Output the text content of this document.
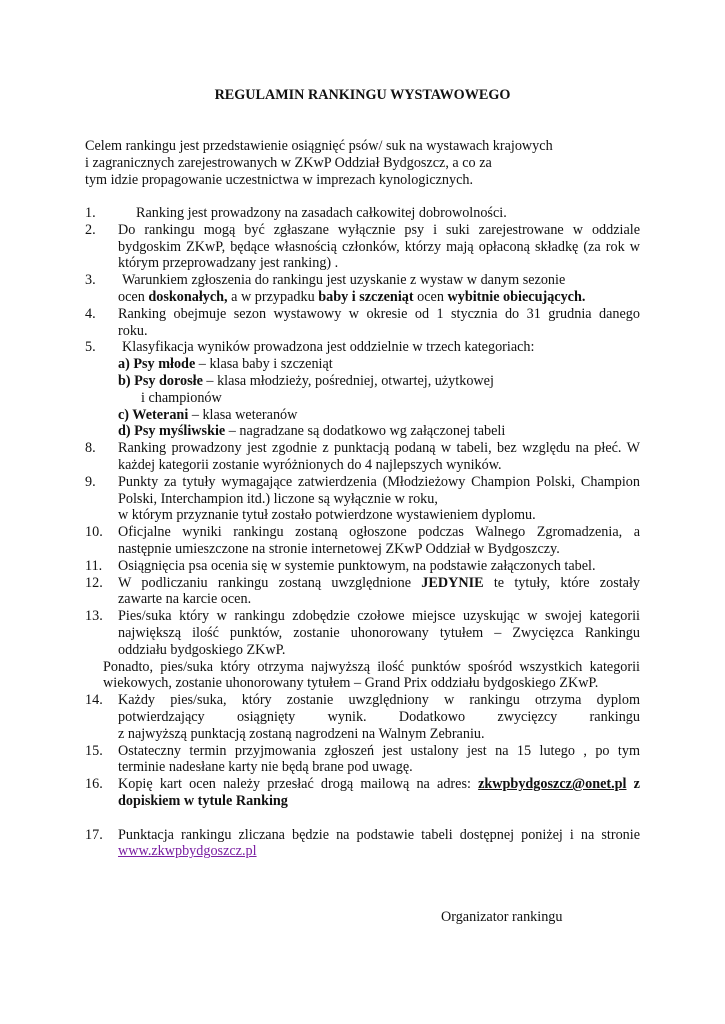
REGULAMIN RANKINGU WYSTAWOWEGO
Celem rankingu jest przedstawienie osiągnięć psów/ suk na wystawach krajowych
i zagranicznych zarejestrowanych w ZKwP Oddział Bydgoszcz, a co za
tym idzie propagowanie uczestnictwa w imprezach kynologicznych.
1.	Ranking jest prowadzony na zasadach całkowitej dobrowolności.
2.	Do rankingu mogą być zgłaszane wyłącznie psy i suki zarejestrowane w oddziale
bydgoskim ZKwP, będące własnością członków, którzy mają opłaconą składkę (za rok w
którym przeprowadzany jest ranking) .
3.	Warunkiem zgłoszenia do rankingu jest uzyskanie z wystaw w danym sezonie
ocen doskonałych, a w przypadku baby i szczeniąt ocen wybitnie obiecujących.
4.	Ranking obejmuje sezon wystawowy w okresie od 1 stycznia do 31 grudnia danego
roku.
5.	Klasyfikacja wyników prowadzona jest oddzielnie w trzech kategoriach:
a) Psy młode – klasa baby i szczeniąt
b) Psy dorosłe – klasa młodzieży, pośredniej, otwartej, użytkowej
i championów
c) Weterani – klasa weteranów
d) Psy myśliwskie – nagradzane są dodatkowo wg załączonej tabeli
8.	Ranking prowadzony jest zgodnie z punktacją podaną w tabeli, bez względu na płeć. W
każdej kategorii zostanie wyróżnionych do 4 najlepszych wyników.
9.	Punkty za tytuły wymagające zatwierdzenia (Młodzieżowy Champion Polski, Champion
Polski, Interchampion itd.) liczone są wyłącznie w roku,
w którym przyznanie tytuł zostało potwierdzone wystawieniem dyplomu.
10.	Oficjalne wyniki rankingu zostaną ogłoszone podczas Walnego Zgromadzenia, a
następnie umieszczone na stronie internetowej ZKwP Oddział w Bydgoszczy.
11.	Osiągnięcia psa ocenia się w systemie punktowym, na podstawie załączonych tabel.
12.	W podliczaniu rankingu zostaną uwzględnione JEDYNIE te tytuły, które zostały
zawarte na karcie ocen.
13.	Pies/suka który w rankingu zdobędzie czołowe miejsce uzyskując w swojej kategorii
największą ilość punktów, zostanie uhonorowany tytułem – Zwycięzca Rankingu
oddziału bydgoskiego ZKwP.
Ponadto, pies/suka który otrzyma najwyższą ilość punktów spośród wszystkich kategorii
wiekowych, zostanie uhonorowany tytułem – Grand Prix oddziału bydgoskiego ZKwP.
14.	Każdy pies/suka, który zostanie uwzględniony w rankingu otrzyma dyplom
potwierdzający      osiągnięty      wynik.      Dodatkowo      zwycięzcy      rankingu
z najwyższą punktacją zostaną nagrodzeni na Walnym Zebraniu.
15.	Ostateczny termin przyjmowania zgłoszeń jest ustalony jest na 15 lutego , po tym
terminie nadesłane karty nie będą brane pod uwagę.
16.	Kopię kart ocen należy przesłać drogą mailową na adres: zkwpbydgoszcz@onet.pl z
dopiskiem w tytule Ranking
17.	Punktacja rankingu zliczana będzie na podstawie tabeli dostępnej poniżej i na stronie
www.zkwpbydgoszcz.pl
Organizator rankingu
